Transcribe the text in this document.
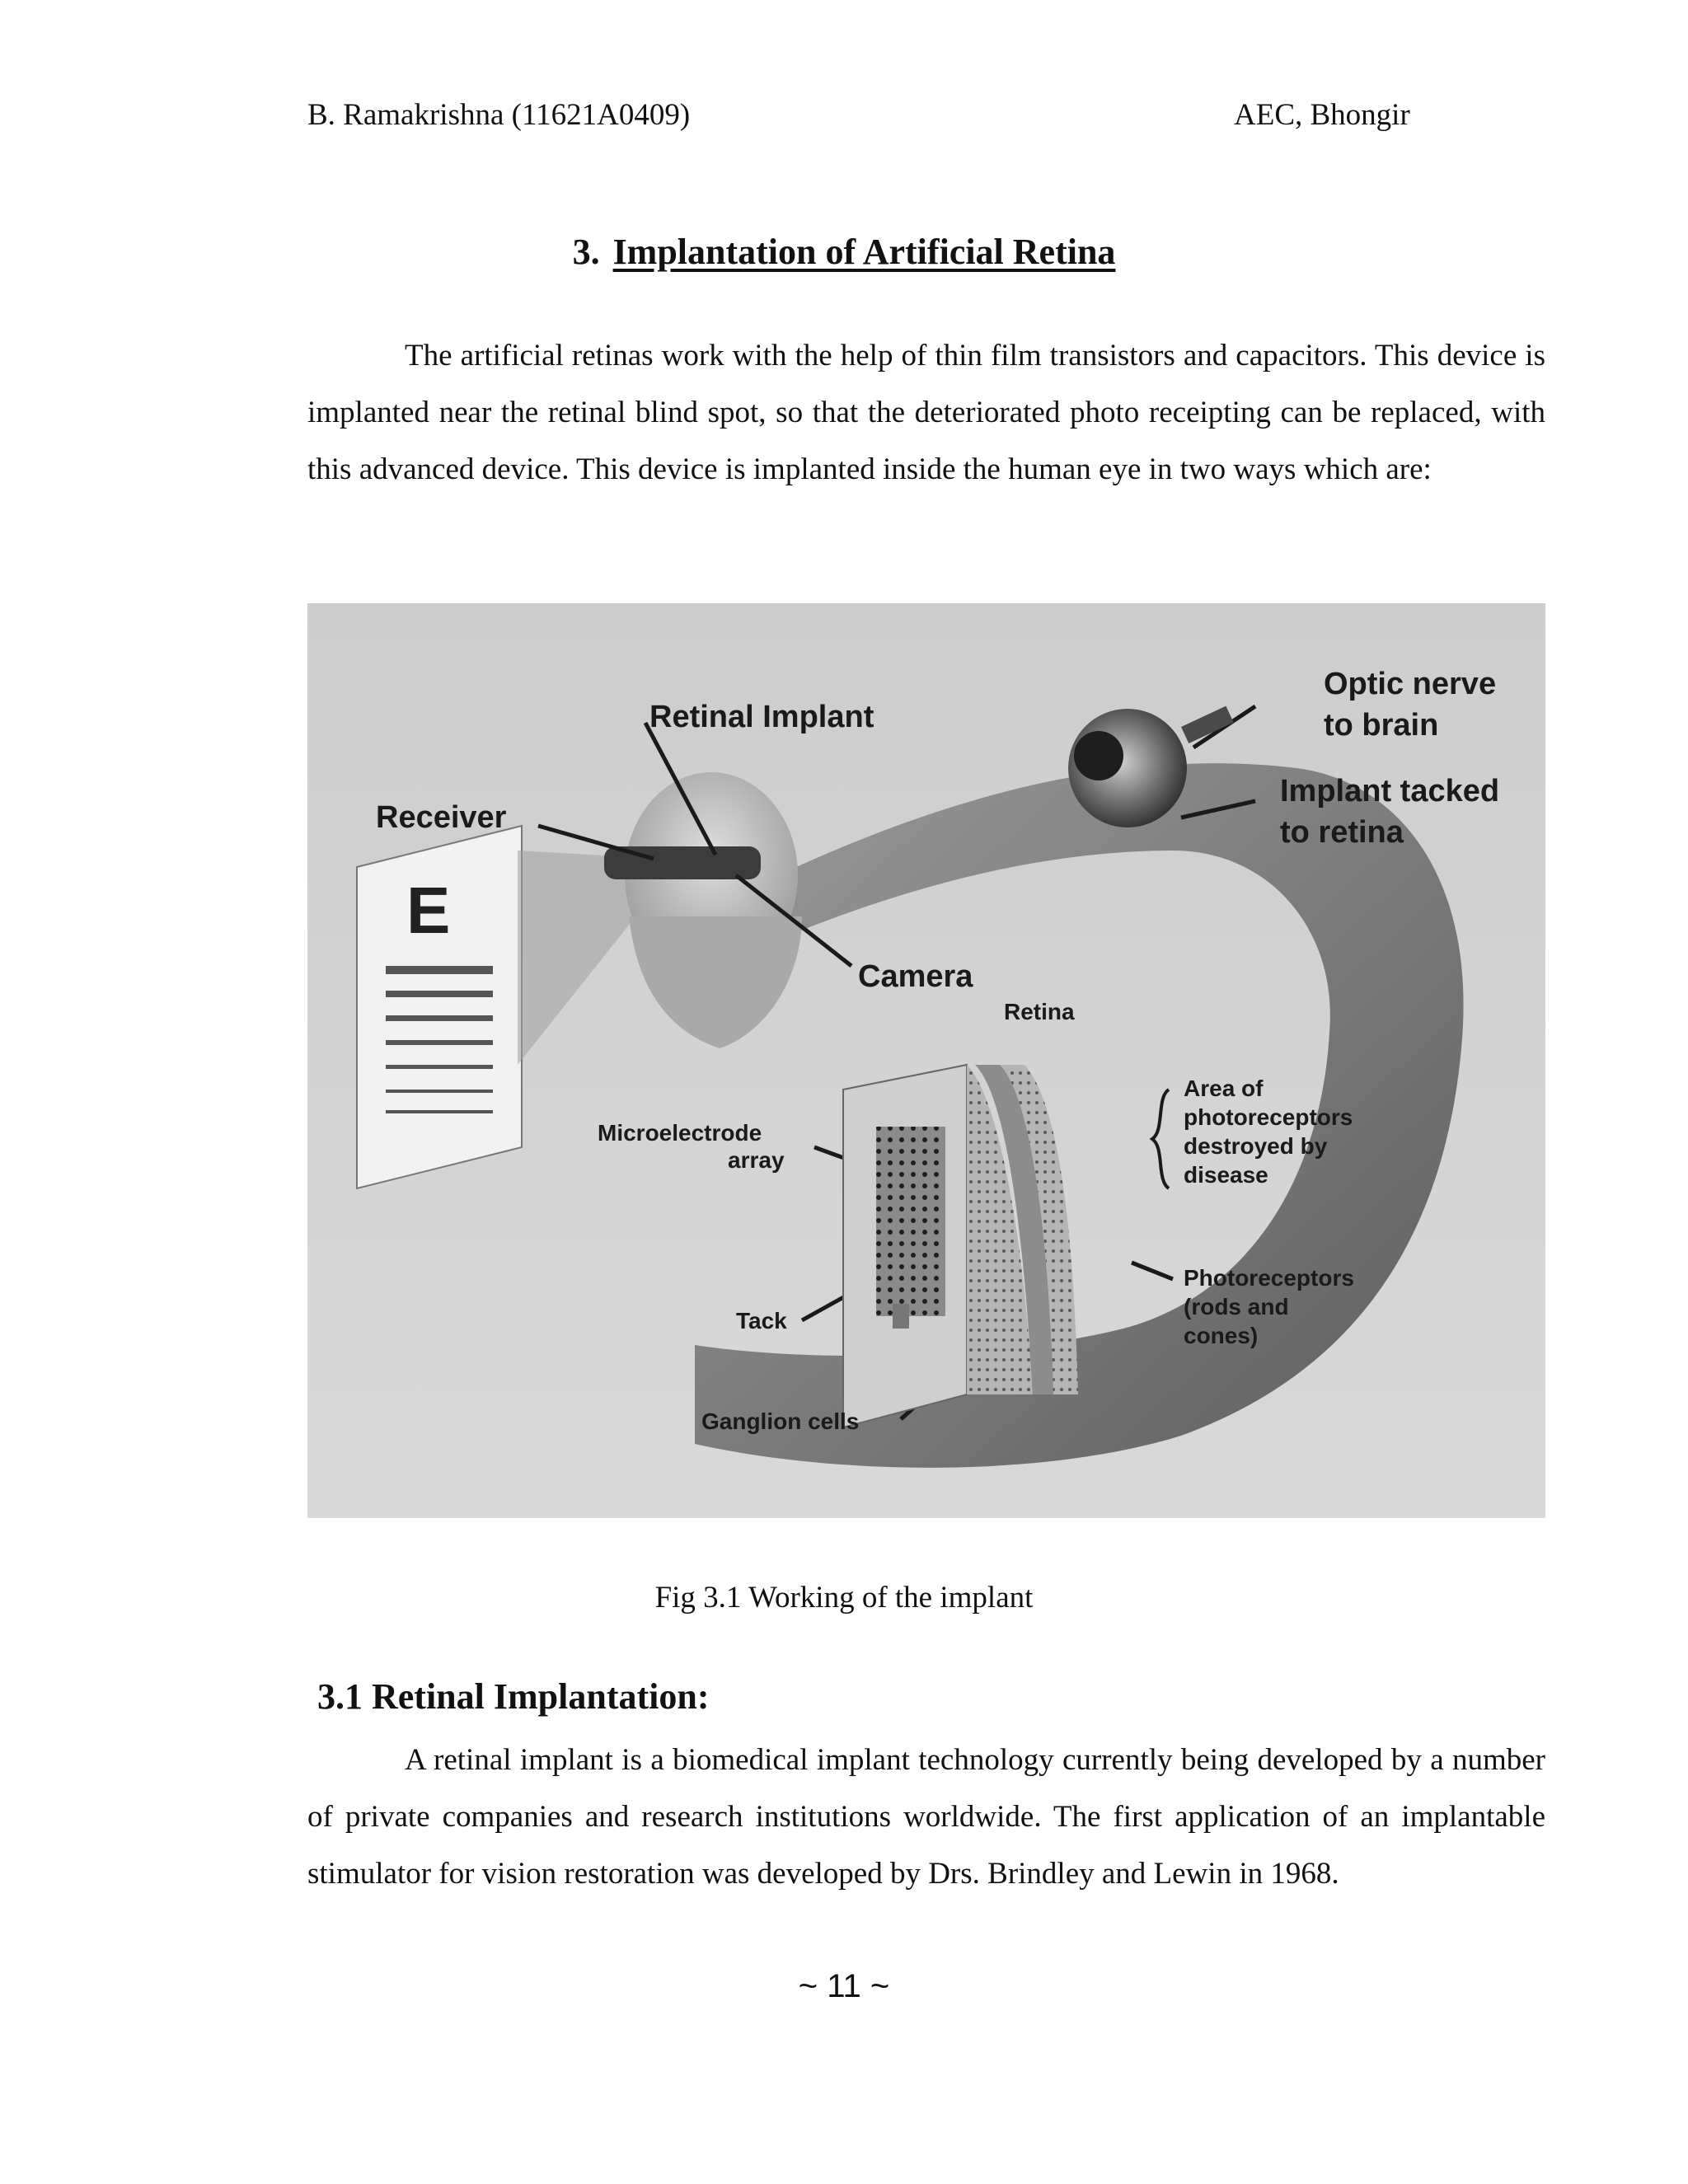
B. Ramakrishna (11621A0409)	AEC, Bhongir
3. Implantation of Artificial Retina
The artificial retinas work with the help of thin film transistors and capacitors. This device is implanted near the retinal blind spot, so that the deteriorated photo receipting can be replaced, with this advanced device. This device is implanted inside the human eye in two ways which are:
E
Retinal Implant
Receiver
Camera
Optic nerve
to brain
Implant tacked
to retina
Retina
Microelectrode
array
Area of
photoreceptors
destroyed by
disease
Photoreceptors
(rods and
cones)
Tack
Ganglion cells
Fig 3.1 Working of the implant
3.1 Retinal Implantation:
A retinal implant is a biomedical implant technology currently being developed by a number of private companies and research institutions worldwide. The first application of an implantable stimulator for vision restoration was developed by Drs. Brindley and Lewin in 1968.
~ 11 ~
